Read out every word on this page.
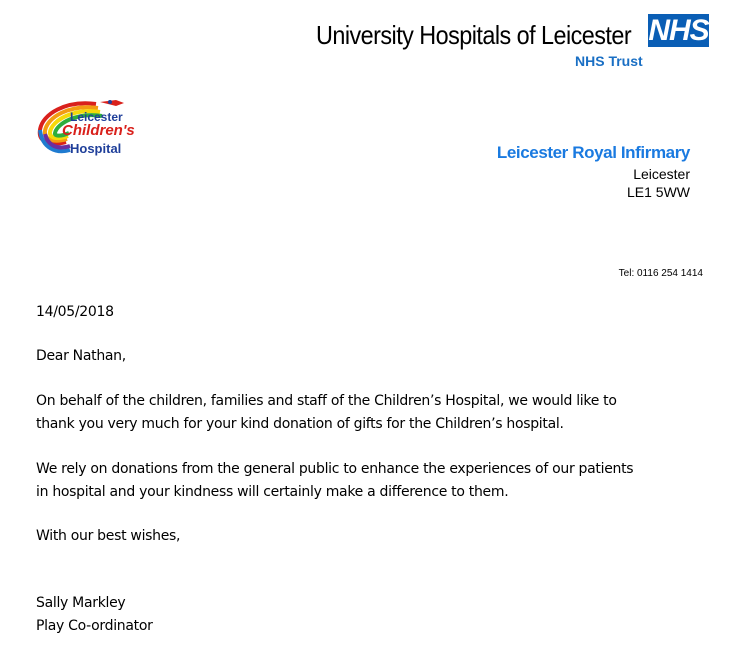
University Hospitals of Leicester NHS
NHS Trust
Leicester
Children's
Hospital	Leicester Royal Infirmary
Leicester
LE1 5WW
Tel: 0116 254 1414
14/05/2018
Dear Nathan,
On behalf of the children, families and staff of the Children’s Hospital, we would like to
thank you very much for your kind donation of gifts for the Children’s hospital.
We rely on donations from the general public to enhance the experiences of our patients
in hospital and your kindness will certainly make a difference to them.
With our best wishes,
Sally Markley
Play Co-ordinator
